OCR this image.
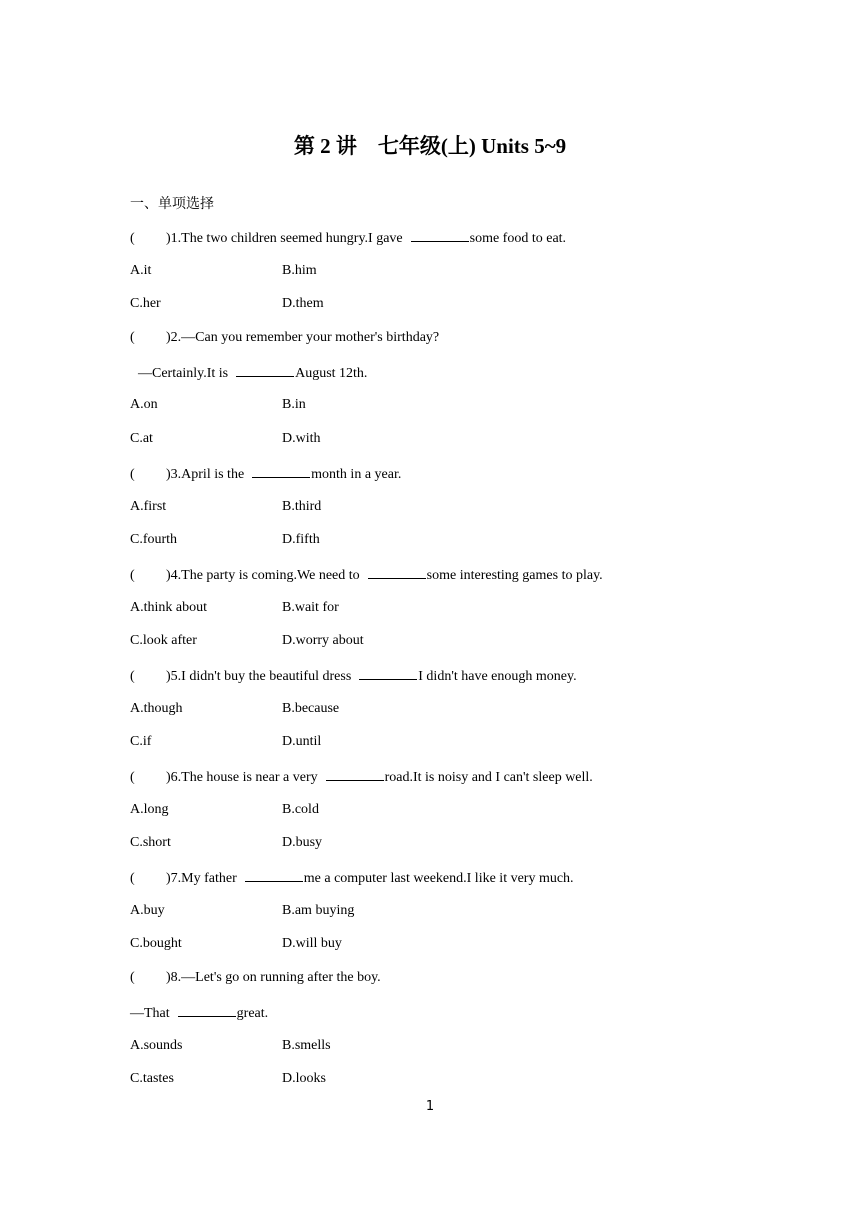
第 2 讲    七年级(上) Units 5~9
一、单项选择
( )1.The two children seemed hungry.I gave	some food to eat.
A.it	B.him
C.her	D.them
( )2.—Can you remember your mother's birthday?
—Certainly.It is	August 12th.
A.on	B.in
C.at	D.with
( )3.April is the	month in a year.
A.first	B.third
C.fourth	D.fifth
( )4.The party is coming.We need to	some interesting games to play.
A.think about	B.wait for
C.look after	D.worry about
( )5.I didn't buy the beautiful dress	I didn't have enough money.
A.though	B.because
C.if	D.until
( )6.The house is near a very	road.It is noisy and I can't sleep well.
A.long	B.cold
C.short	D.busy
( )7.My father	me a computer last weekend.I like it very much.
A.buy	B.am buying
C.bought	D.will buy
( )8.—Let's go on running after the boy.
—That	great.
A.sounds	B.smells
C.tastes	D.looks
1
